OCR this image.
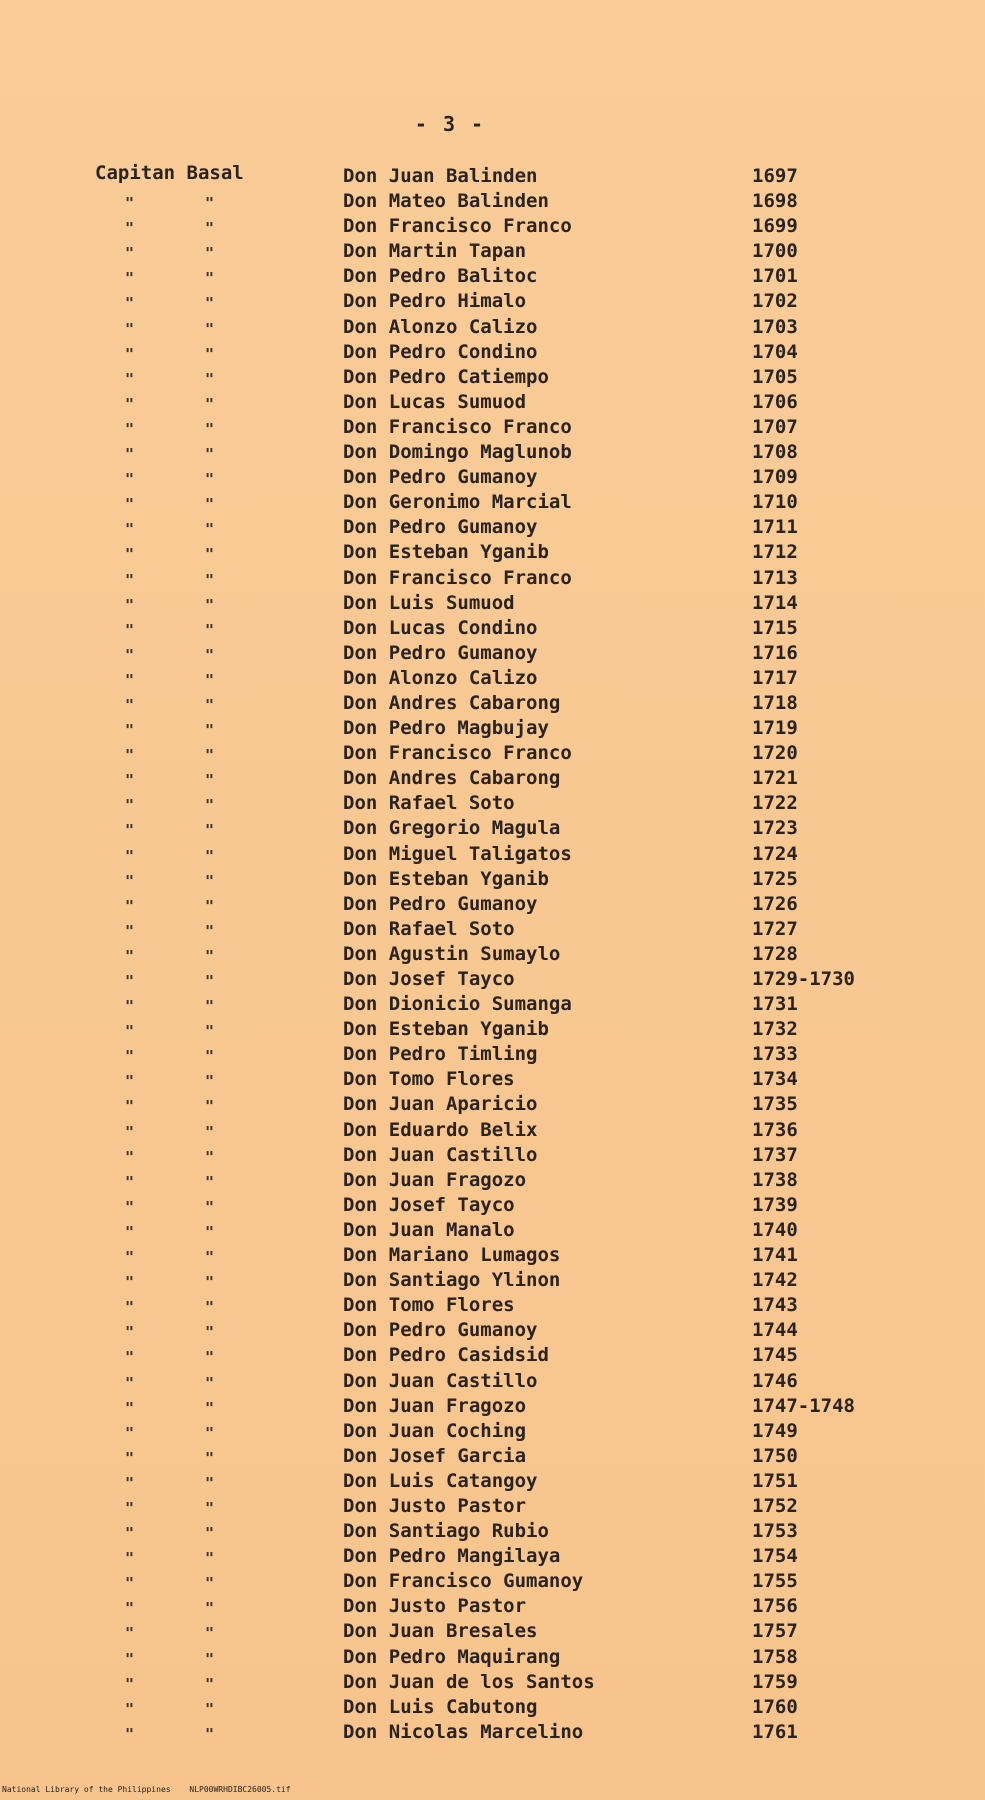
- 3 -
Capitan Basal	Don Juan Balinden	1697
"	"	Don Mateo Balinden	1698
"	"	Don Francisco Franco	1699
"	"	Don Martin Tapan	1700
"	"	Don Pedro Balitoc	1701
"	"	Don Pedro Himalo	1702
"	"	Don Alonzo Calizo	1703
"	"	Don Pedro Condino	1704
"	"	Don Pedro Catiempo	1705
"	"	Don Lucas Sumuod	1706
"	"	Don Francisco Franco	1707
"	"	Don Domingo Maglunob	1708
"	"	Don Pedro Gumanoy	1709
"	"	Don Geronimo Marcial	1710
"	"	Don Pedro Gumanoy	1711
"	"	Don Esteban Yganib	1712
"	"	Don Francisco Franco	1713
"	"	Don Luis Sumuod	1714
"	"	Don Lucas Condino	1715
"	"	Don Pedro Gumanoy	1716
"	"	Don Alonzo Calizo	1717
"	"	Don Andres Cabarong	1718
"	"	Don Pedro Magbujay	1719
"	"	Don Francisco Franco	1720
"	"	Don Andres Cabarong	1721
"	"	Don Rafael Soto	1722
"	"	Don Gregorio Magula	1723
"	"	Don Miguel Taligatos	1724
"	"	Don Esteban Yganib	1725
"	"	Don Pedro Gumanoy	1726
"	"	Don Rafael Soto	1727
"	"	Don Agustin Sumaylo	1728
"	"	Don Josef Tayco	1729-1730
"	"	Don Dionicio Sumanga	1731
"	"	Don Esteban Yganib	1732
"	"	Don Pedro Timling	1733
"	"	Don Tomo Flores	1734
"	"	Don Juan Aparicio	1735
"	"	Don Eduardo Belix	1736
"	"	Don Juan Castillo	1737
"	"	Don Juan Fragozo	1738
"	"	Don Josef Tayco	1739
"	"	Don Juan Manalo	1740
"	"	Don Mariano Lumagos	1741
"	"	Don Santiago Ylinon	1742
"	"	Don Tomo Flores	1743
"	"	Don Pedro Gumanoy	1744
"	"	Don Pedro Casidsid	1745
"	"	Don Juan Castillo	1746
"	"	Don Juan Fragozo	1747-1748
"	"	Don Juan Coching	1749
"	"	Don Josef Garcia	1750
"	"	Don Luis Catangoy	1751
"	"	Don Justo Pastor	1752
"	"	Don Santiago Rubio	1753
"	"	Don Pedro Mangilaya	1754
"	"	Don Francisco Gumanoy	1755
"	"	Don Justo Pastor	1756
"	"	Don Juan Bresales	1757
"	"	Don Pedro Maquirang	1758
"	"	Don Juan de los Santos	1759
"	"	Don Luis Cabutong	1760
"	"	Don Nicolas Marcelino	1761
National Library of the Philippines NLP00WRHDIBC26005.tif
